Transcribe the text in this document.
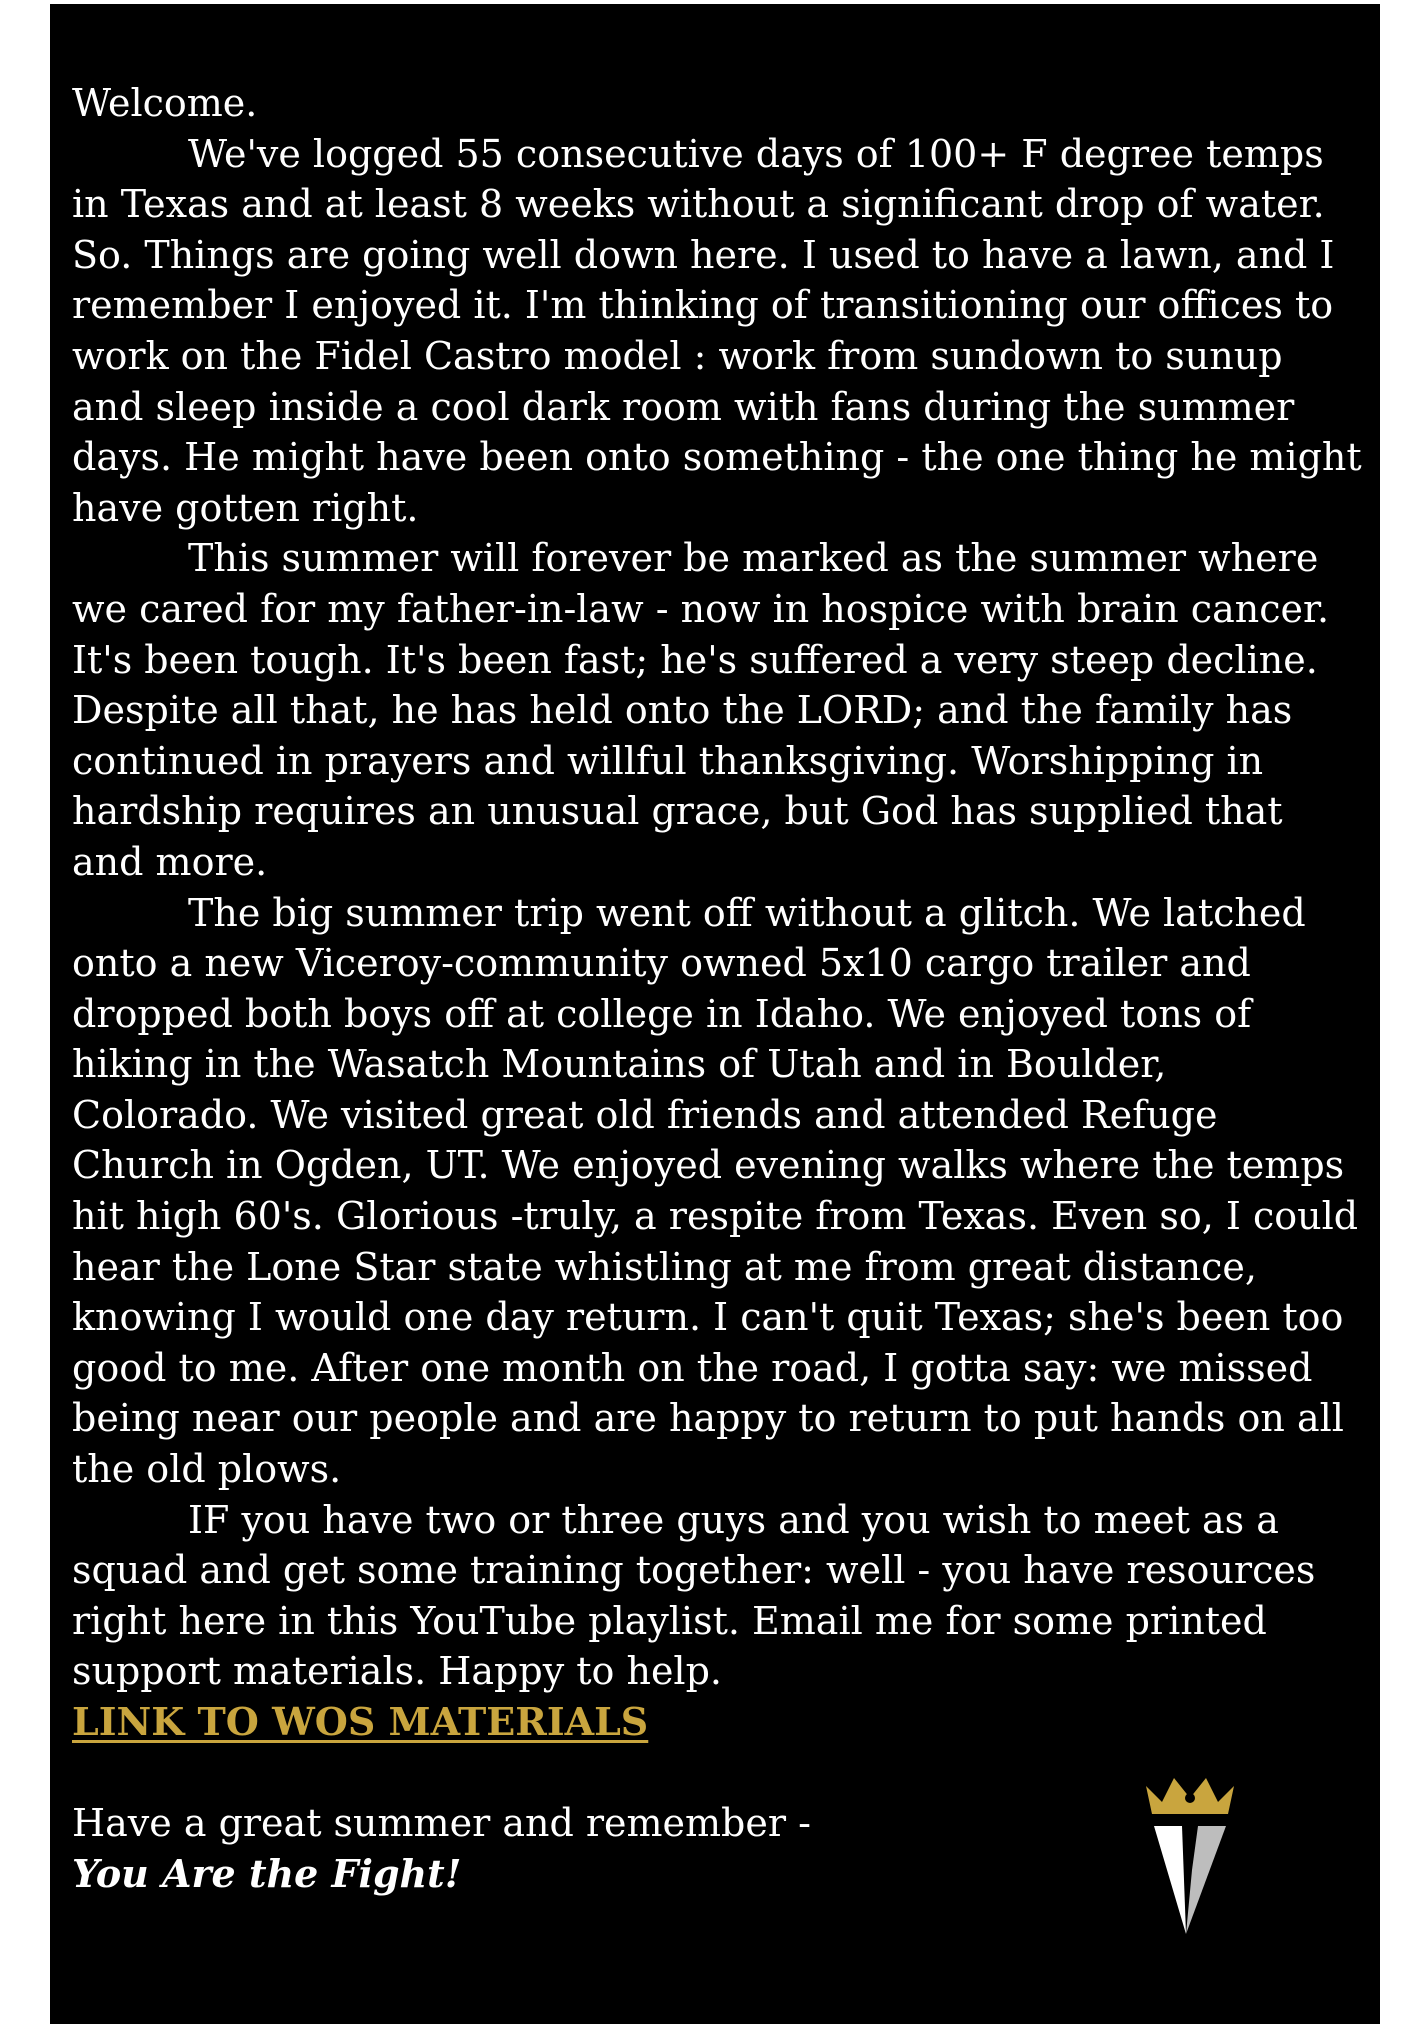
Welcome.

We've logged 55 consecutive days of 100+ F degree temps in Texas and at least 8 weeks without a significant drop of water. So. Things are going well down here. I used to have a lawn, and I remember I enjoyed it. I'm thinking of transitioning our offices to work on the Fidel Castro model : work from sundown to sunup and sleep inside a cool dark room with fans during the summer days. He might have been onto something - the one thing he might have gotten right.

This summer will forever be marked as the summer where we cared for my father-in-law - now in hospice with brain cancer. It's been tough. It's been fast; he's suffered a very steep decline. Despite all that, he has held onto the LORD; and the family has continued in prayers and willful thanksgiving. Worshipping in hardship requires an unusual grace, but God has supplied that and more.

The big summer trip went off without a glitch. We latched onto a new Viceroy-community owned 5x10 cargo trailer and dropped both boys off at college in Idaho. We enjoyed tons of hiking in the Wasatch Mountains of Utah and in Boulder, Colorado. We visited great old friends and attended Refuge Church in Ogden, UT. We enjoyed evening walks where the temps hit high 60's. Glorious -truly, a respite from Texas. Even so, I could hear the Lone Star state whistling at me from great distance, knowing I would one day return. I can't quit Texas; she's been too good to me. After one month on the road, I gotta say: we missed being near our people and are happy to return to put hands on all the old plows.

IF you have two or three guys and you wish to meet as a squad and get some training together: well - you have resources right here in this YouTube playlist. Email me for some printed support materials. Happy to help.

LINK TO WOS MATERIALS

Have a great summer and remember -

You Are the Fight!
